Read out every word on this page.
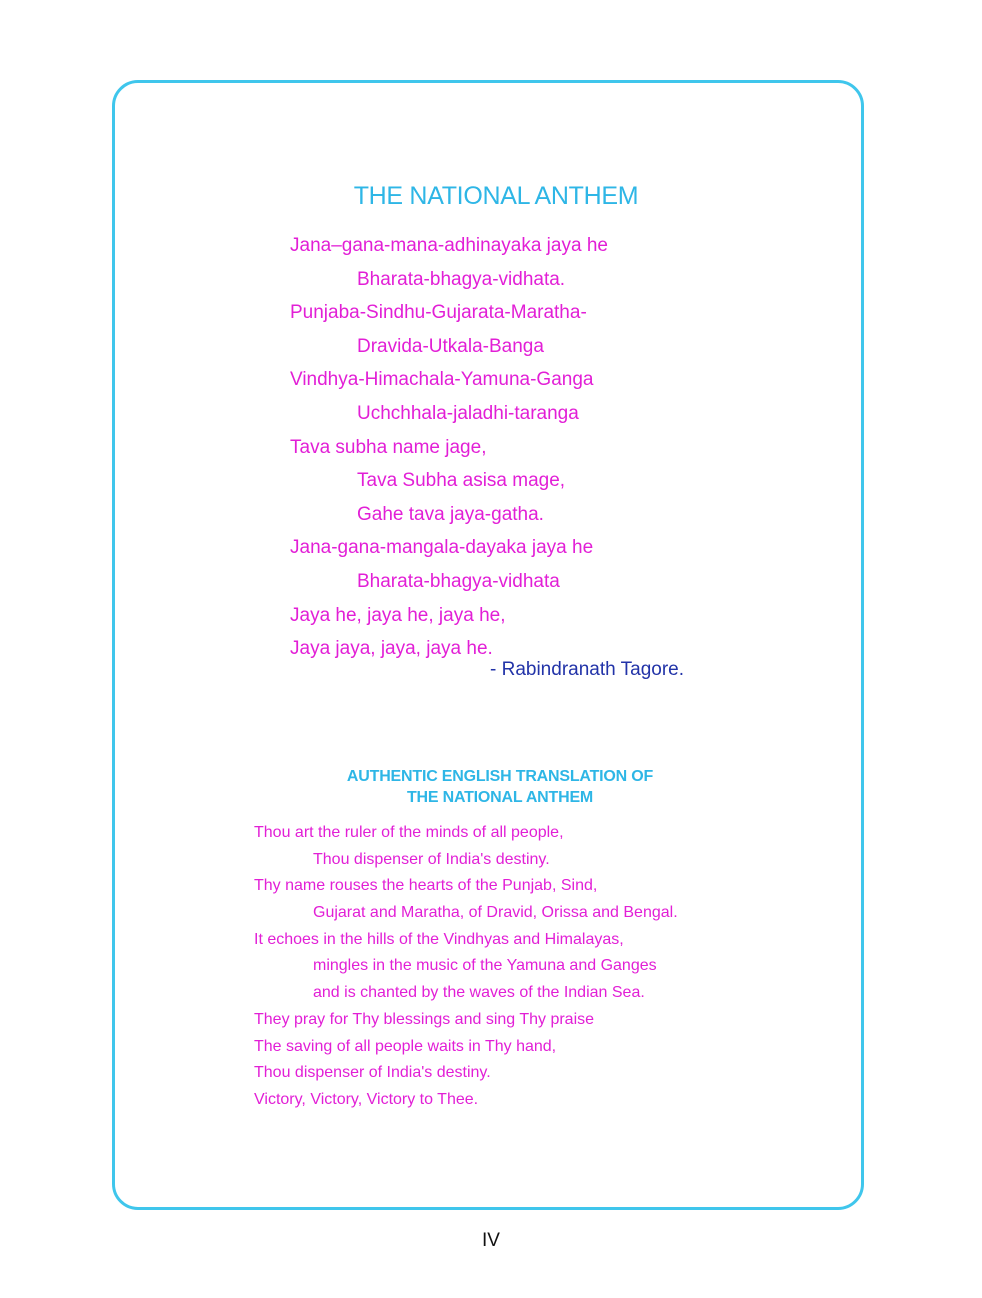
THE NATIONAL ANTHEM
Jana–gana-mana-adhinayaka jaya he
Bharata-bhagya-vidhata.
Punjaba-Sindhu-Gujarata-Maratha-
Dravida-Utkala-Banga
Vindhya-Himachala-Yamuna-Ganga
Uchchhala-jaladhi-taranga
Tava subha name jage,
Tava Subha asisa mage,
Gahe tava jaya-gatha.
Jana-gana-mangala-dayaka jaya he
Bharata-bhagya-vidhata
Jaya he, jaya he, jaya he,
Jaya jaya, jaya, jaya he.
- Rabindranath Tagore.
AUTHENTIC ENGLISH TRANSLATION OF
THE NATIONAL ANTHEM
Thou art the ruler of the minds of all people,
Thou dispenser of India's destiny.
Thy name rouses the hearts of the Punjab, Sind,
Gujarat and Maratha, of Dravid, Orissa and Bengal.
It echoes in the hills of the Vindhyas and Himalayas,
mingles in the music of the Yamuna and Ganges
and is chanted by the waves of the Indian Sea.
They pray for Thy blessings and sing Thy praise
The saving of all people waits in Thy hand,
Thou dispenser of India's destiny.
Victory, Victory, Victory to Thee.
IV
